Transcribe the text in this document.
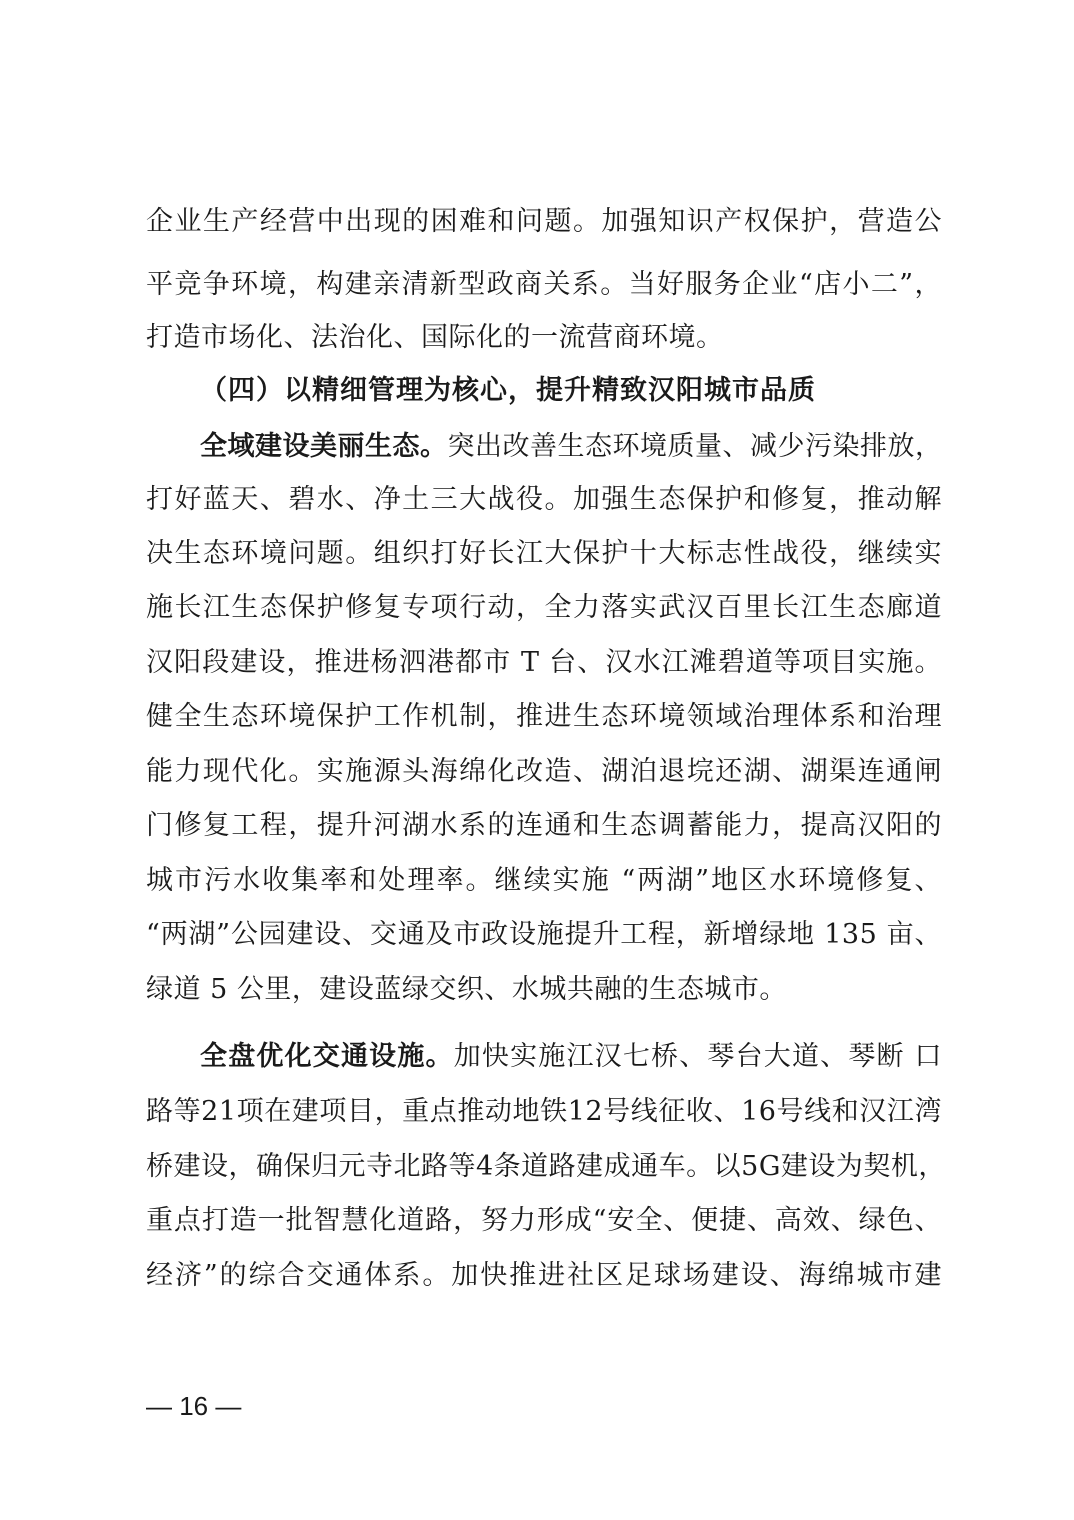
企业生产经营中出现的困难和问题。加强知识产权保护，营造公
平竞争环境，构建亲清新型政商关系。当好服务企业“店小二”，
打造市场化、法治化、国际化的一流营商环境。
（四）以精细管理为核心，提升精致汉阳城市品质
全域建设美丽生态。突出改善生态环境质量、减少污染排放，
打好蓝天、碧水、净土三大战役。加强生态保护和修复，推动解
决生态环境问题。组织打好长江大保护十大标志性战役，继续实
施长江生态保护修复专项行动，全力落实武汉百里长江生态廊道
汉阳段建设，推进杨泗港都市 T 台、汉水江滩碧道等项目实施。
健全生态环境保护工作机制，推进生态环境领域治理体系和治理
能力现代化。实施源头海绵化改造、湖泊退垸还湖、湖渠连通闸
门修复工程，提升河湖水系的连通和生态调蓄能力，提高汉阳的
城市污水收集率和处理率。继续实施 “两湖”地区水环境修复、
“两湖”公园建设、交通及市政设施提升工程，新增绿地 135 亩、
绿道 5 公里，建设蓝绿交织、水城共融的生态城市。
全盘优化交通设施。加快实施江汉七桥、琴台大道、琴断 口
路等21项在建项目，重点推动地铁12号线征收、16号线和汉江湾
桥建设，确保归元寺北路等4条道路建成通车。以5G建设为契机，
重点打造一批智慧化道路，努力形成“安全、便捷、高效、绿色、
经济”的综合交通体系。加快推进社区足球场建设、海绵城市建
— 16 —
